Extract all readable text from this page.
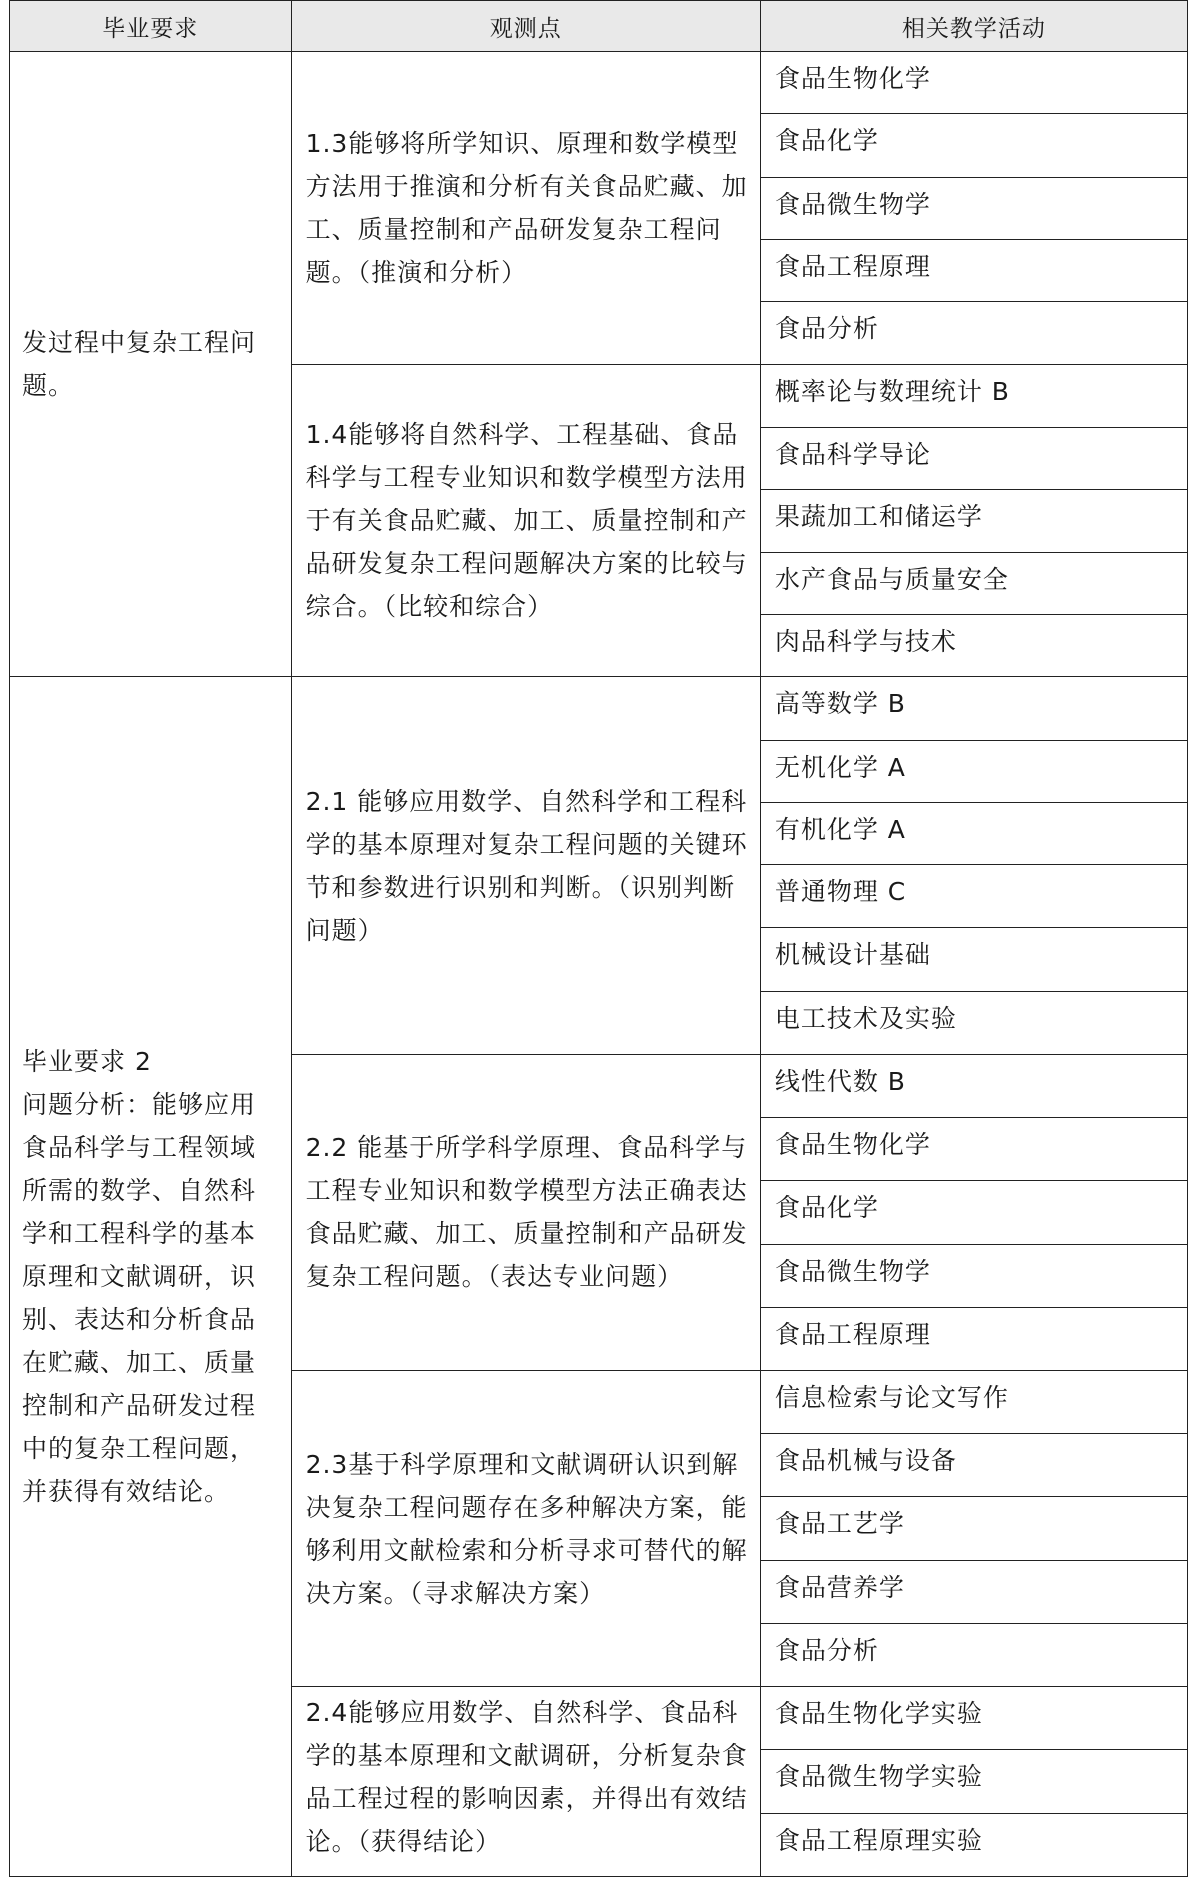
毕业要求	观测点	相关教学活动

发过程中复杂工程问题。	1.3能够将所学知识、原理和数学模型方法用于推演和分析有关食品贮藏、加工、质量控制和产品研发复杂工程问题。（推演和分析）	食品生物化学
		食品化学
		食品微生物学
		食品工程原理
		食品分析

	1.4能够将自然科学、工程基础、食品科学与工程专业知识和数学模型方法用于有关食品贮藏、加工、质量控制和产品研发复杂工程问题解决方案的比较与综合。（比较和综合）	概率论与数理统计 B
		食品科学导论
		果蔬加工和储运学
		水产食品与质量安全
		肉品科学与技术

毕业要求 2
问题分析：能够应用食品科学与工程领域所需的数学、自然科学和工程科学的基本原理和文献调研，识别、表达和分析食品在贮藏、加工、质量控制和产品研发过程中的复杂工程问题，并获得有效结论。	2.1 能够应用数学、自然科学和工程科学的基本原理对复杂工程问题的关键环节和参数进行识别和判断。（识别判断问题）	高等数学 B
		无机化学 A
		有机化学 A
		普通物理 C
		机械设计基础
		电工技术及实验

	2.2 能基于所学科学原理、食品科学与工程专业知识和数学模型方法正确表达食品贮藏、加工、质量控制和产品研发复杂工程问题。（表达专业问题）	线性代数 B
		食品生物化学
		食品化学
		食品微生物学
		食品工程原理

	2.3基于科学原理和文献调研认识到解决复杂工程问题存在多种解决方案，能够利用文献检索和分析寻求可替代的解决方案。（寻求解决方案）	信息检索与论文写作
		食品机械与设备
		食品工艺学
		食品营养学
		食品分析

	2.4能够应用数学、自然科学、食品科学的基本原理和文献调研，分析复杂食品工程过程的影响因素，并得出有效结论。（获得结论）	食品生物化学实验
		食品微生物学实验
		食品工程原理实验
